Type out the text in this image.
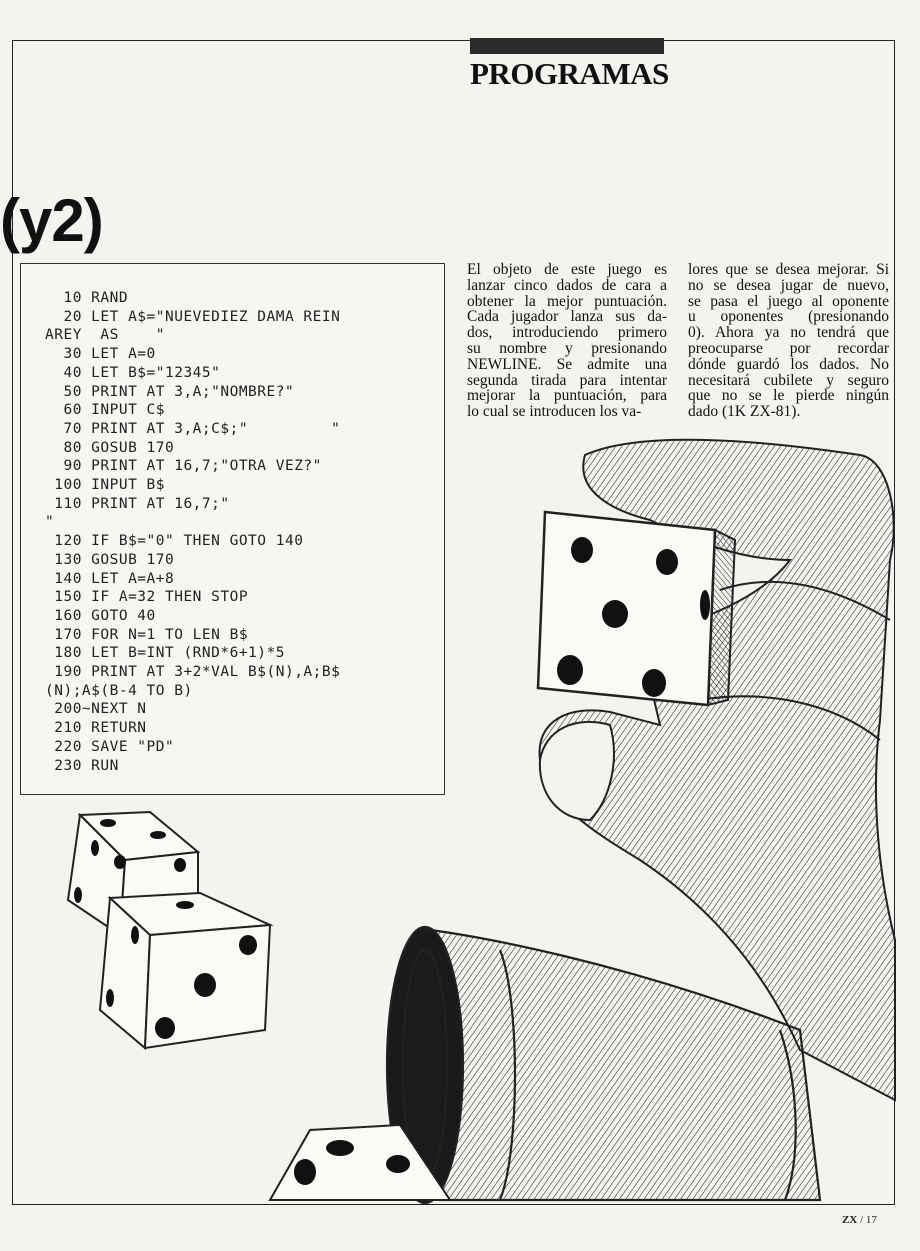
PROGRAMAS
(y2)
10 RAND
20 LET A$="NUEVEDIEZ DAMA REIN
AREY  AS    "
30 LET A=0
40 LET B$="12345"
50 PRINT AT 3,A;"NOMBRE?"
60 INPUT C$
70 PRINT AT 3,A;C$;"         "
80 GOSUB 170
90 PRINT AT 16,7;"OTRA VEZ?"
100 INPUT B$
110 PRINT AT 16,7;"
"
120 IF B$="0" THEN GOTO 140
130 GOSUB 170
140 LET A=A+8
150 IF A=32 THEN STOP
160 GOTO 40
170 FOR N=1 TO LEN B$
180 LET B=INT (RND*6+1)*5
190 PRINT AT 3+2*VAL B$(N),A;B$
(N);A$(B-4 TO B)
200~NEXT N
210 RETURN
220 SAVE "PD"
230 RUN
El objeto de este juego es
lanzar cinco dados de cara a
obtener la mejor puntuación.
Cada jugador lanza sus da-
dos, introduciendo primero
su nombre y presionando
NEWLINE. Se admite una
segunda tirada para intentar
mejorar la puntuación, para
lo cual se introducen los va-
lores que se desea mejorar. Si
no se desea jugar de nuevo,
se pasa el juego al oponente
u oponentes (presionando
0). Ahora ya no tendrá que
preocuparse por recordar
dónde guardó los dados. No
necesitará cubilete y seguro
que no se le pierde ningún
dado (1K ZX-81).
ZX / 17
